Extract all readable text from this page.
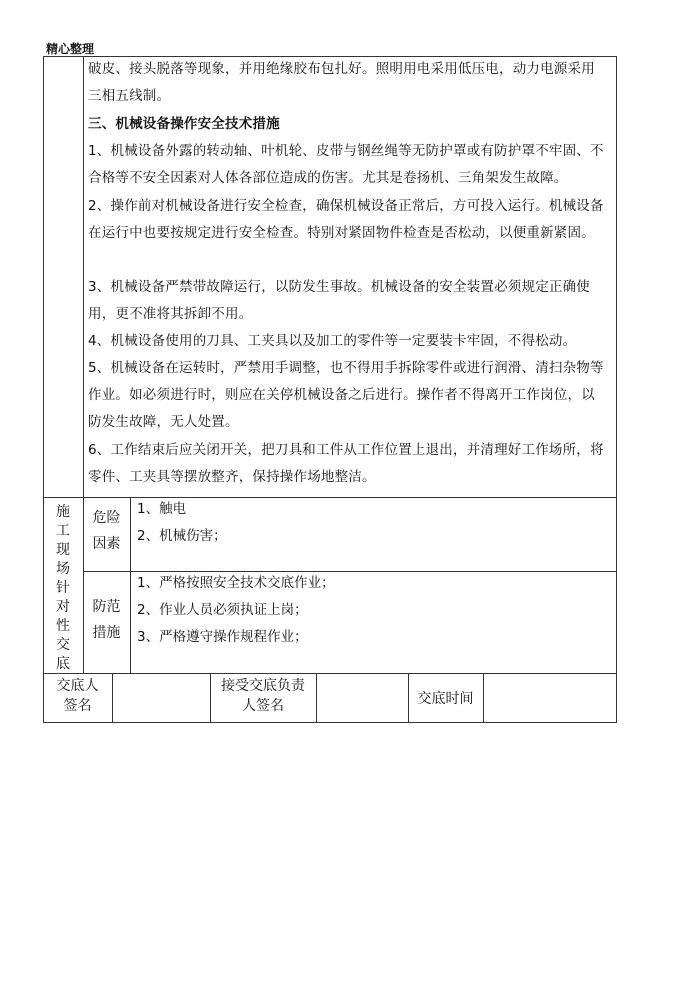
精心整理

破皮、接头脱落等现象，并用绝缘胶布包扎好。照明用电采用低压电，动力电源采用三相五线制。

三、机械设备操作安全技术措施

1、机械设备外露的转动轴、叶机轮、皮带与钢丝绳等无防护罩或有防护罩不牢固、不合格等不安全因素对人体各部位造成的伤害。尤其是卷扬机、三角架发生故障。

2、操作前对机械设备进行安全检查，确保机械设备正常后，方可投入运行。机械设备在运行中也要按规定进行安全检查。特别对紧固物件检查是否松动，以便重新紧固。

3、机械设备严禁带故障运行，以防发生事故。机械设备的安全装置必须规定正确使用，更不准将其拆卸不用。

4、机械设备使用的刀具、工夹具以及加工的零件等一定要装卡牢固，不得松动。

5、机械设备在运转时，严禁用手调整，也不得用手拆除零件或进行润滑、清扫杂物等作业。如必须进行时，则应在关停机械设备之后进行。操作者不得离开工作岗位，以防发生故障，无人处置。

6、工作结束后应关闭开关，把刀具和工件从工作位置上退出，并清理好工作场所，将零件、工夹具等摆放整齐，保持操作场地整洁。

施
工
现
场
针
对
性
交
底
危险
因素
1、触电
2、机械伤害；
防范
措施
1、严格按照安全技术交底作业；
2、作业人员必须执证上岗；
3、严格遵守操作规程作业；
交底人
签名
接受交底负责
人签名	交底时间
